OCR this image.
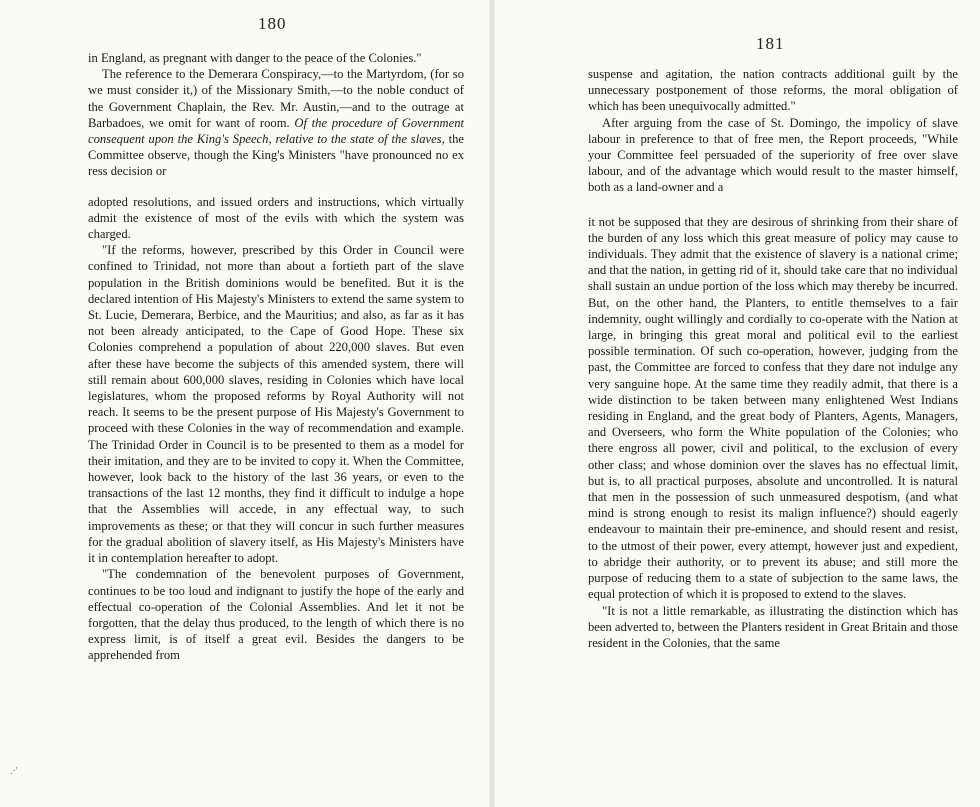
180

in England, as pregnant with danger to the peace of the Colonies."

The reference to the Demerara Conspiracy,—to the Martyrdom, (for so we must consider it,) of the Missionary Smith,—to the noble conduct of the Government Chaplain, the Rev. Mr. Austin,—and to the outrage at Barbadoes, we omit for want of room. Of the procedure of Government consequent upon the King's Speech, relative to the state of the slaves, the Committee observe, though the King's Ministers "have pronounced no ex ress decision or

adopted resolutions, and issued orders and instructions, which virtually admit the existence of most of the evils with which the system was charged.

"If the reforms, however, prescribed by this Order in Council were confined to Trinidad, not more than about a fortieth part of the slave population in the British dominions would be benefited. But it is the declared intention of His Majesty's Ministers to extend the same system to St. Lucie, Demerara, Berbice, and the Mauritius; and also, as far as it has not been already anticipated, to the Cape of Good Hope. These six Colonies comprehend a population of about 220,000 slaves. But even after these have become the subjects of this amended system, there will still remain about 600,000 slaves, residing in Colonies which have local legislatures, whom the proposed reforms by Royal Authority will not reach. It seems to be the present purpose of His Majesty's Government to proceed with these Colonies in the way of recommendation and example. The Trinidad Order in Council is to be presented to them as a model for their imitation, and they are to be invited to copy it. When the Committee, however, look back to the history of the last 36 years, or even to the transactions of the last 12 months, they find it difficult to indulge a hope that the Assemblies will accede, in any effectual way, to such improvements as these; or that they will concur in such further measures for the gradual abolition of slavery itself, as His Majesty's Ministers have it in contemplation hereafter to adopt.

"The condemnation of the benevolent purposes of Government, continues to be too loud and indignant to justify the hope of the early and effectual co-operation of the Colonial Assemblies. And let it not be forgotten, that the delay thus produced, to the length of which there is no express limit, is of itself a great evil. Besides the dangers to be apprehended from

.·'
181

suspense and agitation, the nation contracts additional guilt by the unnecessary postponement of those reforms, the moral obligation of which has been unequivocally admitted."

After arguing from the case of St. Domingo, the impolicy of slave labour in preference to that of free men, the Report proceeds, "While your Committee feel persuaded of the superiority of free over slave labour, and of the advantage which would result to the master himself, both as a land-owner and a

it not be supposed that they are desirous of shrinking from their share of the burden of any loss which this great measure of policy may cause to individuals. They admit that the existence of slavery is a national crime; and that the nation, in getting rid of it, should take care that no individual shall sustain an undue portion of the loss which may thereby be incurred. But, on the other hand, the Planters, to entitle themselves to a fair indemnity, ought willingly and cordially to co-operate with the Nation at large, in bringing this great moral and political evil to the earliest possible termination. Of such co-operation, however, judging from the past, the Committee are forced to confess that they dare not indulge any very sanguine hope. At the same time they readily admit, that there is a wide distinction to be taken between many enlightened West Indians residing in England, and the great body of Planters, Agents, Managers, and Overseers, who form the White population of the Colonies; who there engross all power, civil and political, to the exclusion of every other class; and whose dominion over the slaves has no effectual limit, but is, to all practical purposes, absolute and uncontrolled. It is natural that men in the possession of such unmeasured despotism, (and what mind is strong enough to resist its malign influence?) should eagerly endeavour to maintain their pre-eminence, and should resent and resist, to the utmost of their power, every attempt, however just and expedient, to abridge their authority, or to prevent its abuse; and still more the purpose of reducing them to a state of subjection to the same laws, the equal protection of which it is proposed to extend to the slaves.

"It is not a little remarkable, as illustrating the distinction which has been adverted to, between the Planters resident in Great Britain and those resident in the Colonies, that the same
